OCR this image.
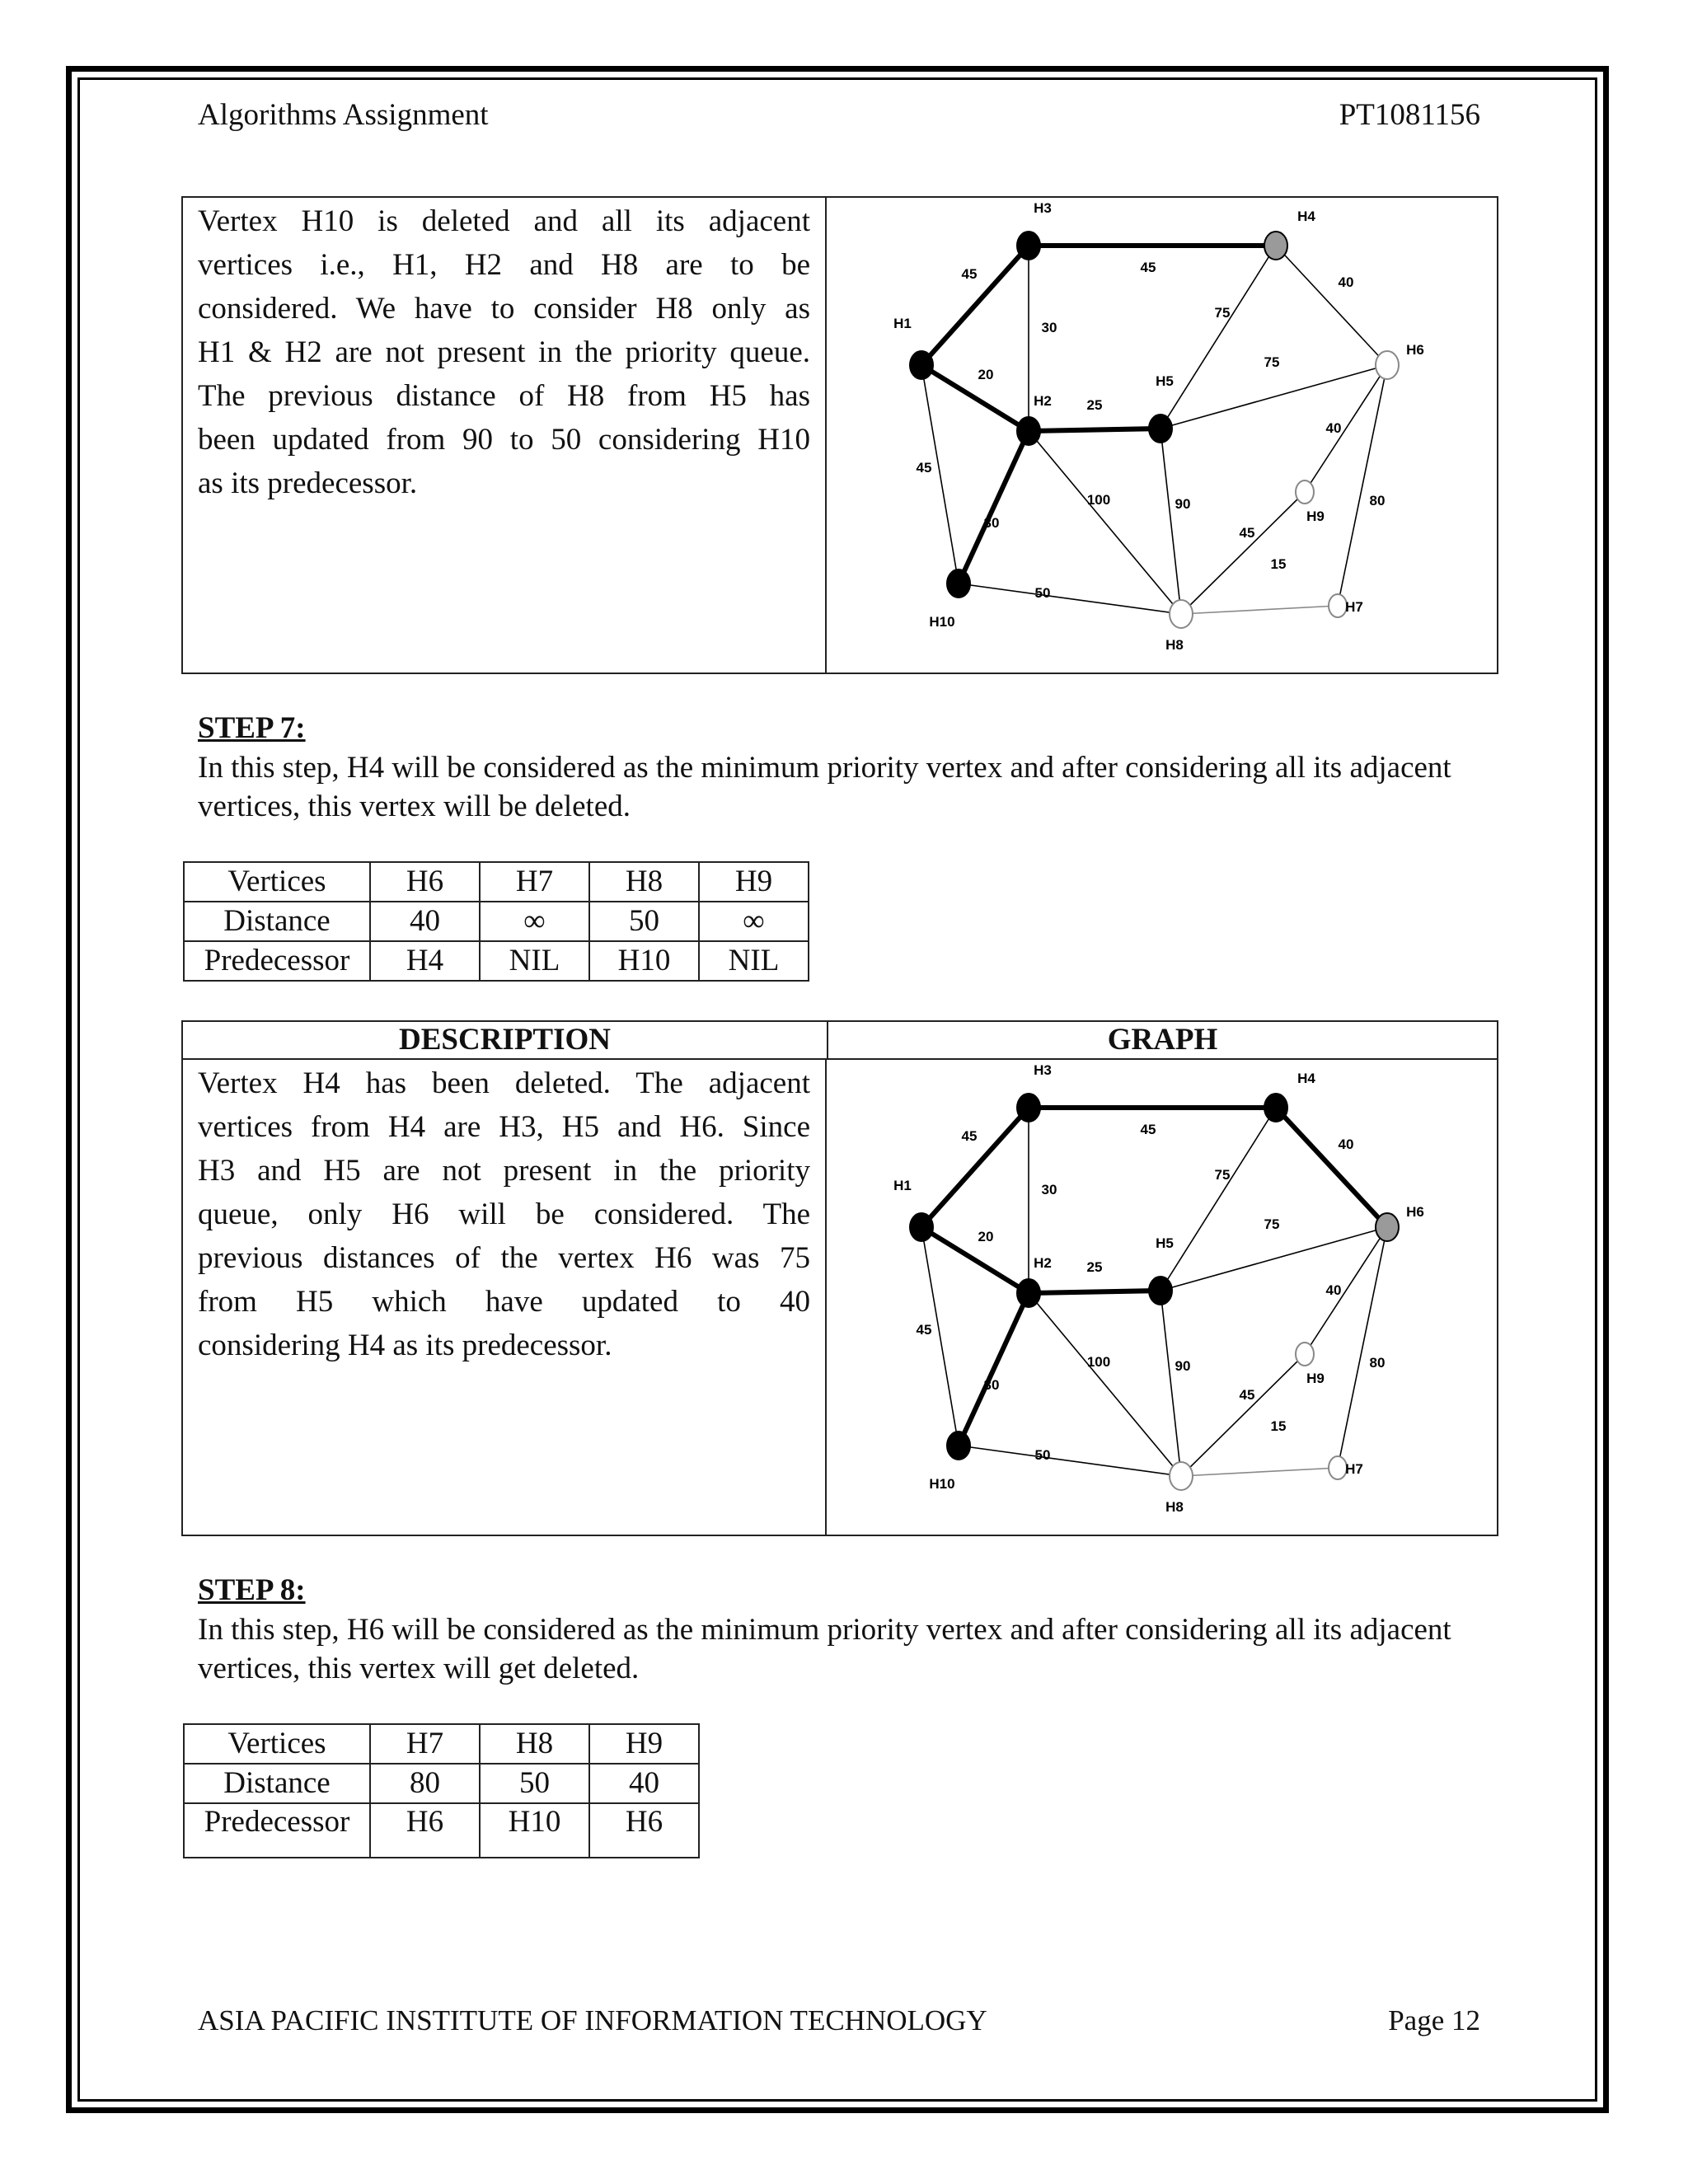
Algorithms Assignment	PT1081156

Vertex H10 is deleted and all its adjacent

vertices i.e., H1, H2 and H8 are to be

considered. We have to consider H8 only as

H1 & H2 are not present in the priority queue.

The previous distance of H8 from H5 has

been updated from 90 to 50 considering H10

as its predecessor.

45	45
40
30
20
25
75
75
40
80
45
30
100	90
45
15
50
H1
H2
H3
H4
H5
H6
H9
H10
H8
H7
STEP 7:
In this step, H4 will be considered as the minimum priority vertex and after considering all its adjacent vertices, this vertex will be deleted.
Vertices	H6	H7	H8	H9
Distance	40	∞	50	∞
Predecessor	H4	NIL	H10	NIL
DESCRIPTION	GRAPH

Vertex H4 has been deleted. The adjacent

vertices from H4 are H3, H5 and H6. Since

H3 and H5 are not present in the priority

queue, only H6 will be considered. The

previous distances of the vertex H6 was 75

from H5 which have updated to 40

considering H4 as its predecessor.

45	45
40
30
20
25
75
75
40
80
45
30
100	90
45
15
50
H1
H2
H3
H4
H5
H6
H9
H10
H8
H7
STEP 8:
In this step, H6 will be considered as the minimum priority vertex and after considering all its adjacent vertices, this vertex will get deleted.
Vertices	H7	H8	H9
Distance	80	50	40
Predecessor	H6	H10	H6
ASIA PACIFIC INSTITUTE OF INFORMATION TECHNOLOGY	Page 12
